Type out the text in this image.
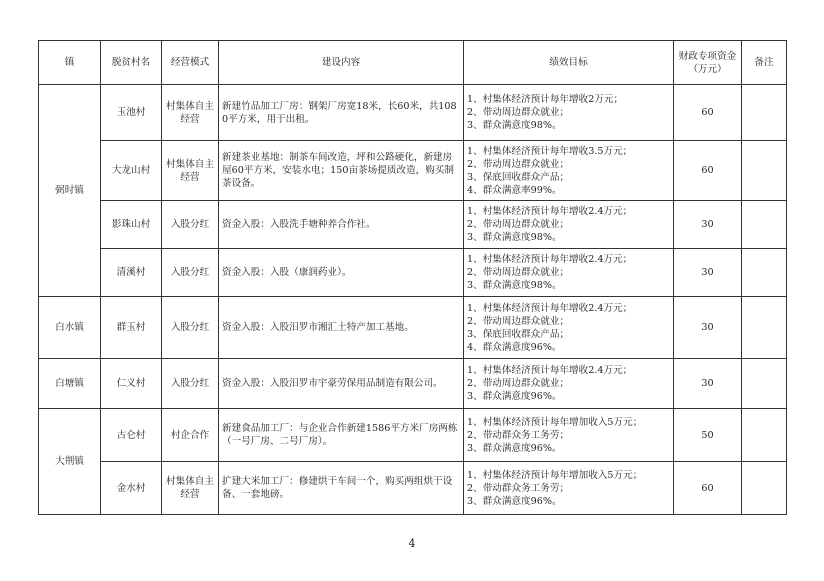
镇	脱贫村名	经营模式	建设内容	绩效目标	财政专项资金（万元）	备注
弼时镇	玉池村	村集体自主经营	新建竹品加工厂房：钢架厂房宽18米，长60米，共1080平方米，用于出租。	1、村集体经济预计每年增收2万元；
2、带动周边群众就业；
3、群众满意度98%。	60	
	大龙山村	村集体自主经营	新建茶业基地：制茶车间改造，坪和公路硬化，新建房屋60平方米，安装水电；150亩茶场提质改造，购买制茶设备。	1、村集体经济预计每年增收3.5万元；
2、带动周边群众就业；
3、保底回收群众产品；
4、群众满意率99%。	60	
	影珠山村	入股分红	资金入股：入股洗手塘种养合作社。	1、村集体经济预计每年增收2.4万元；
2、带动周边群众就业；
3、群众满意度98%。	30	
	清溪村	入股分红	资金入股：入股（康润药业）。	1、村集体经济预计每年增收2.4万元；
2、带动周边群众就业；
3、群众满意度98%。	30	
白水镇	群玉村	入股分红	资金入股：入股汨罗市湘汇土特产加工基地。	1、村集体经济预计每年增收2.4万元；
2、带动周边群众就业；
3、保底回收群众产品；
4、群众满意度96%。	30	
白塘镇	仁义村	入股分红	资金入股：入股汨罗市宇豪劳保用品制造有限公司。	1、村集体经济预计每年增收2.4万元；
2、带动周边群众就业；
3、群众满意度96%。	30	
大荆镇	古仑村	村企合作	新建食品加工厂：与企业合作新建1586平方米厂房两栋（一号厂房、二号厂房）。	1、村集体经济预计每年增加收入5万元；
2、带动群众务工务劳；
3、群众满意度96%。	50	
	金水村	村集体自主经营	扩建大米加工厂：修建烘干车间一个，购买两组烘干设备、一套地磅。	1、村集体经济预计每年增加收入5万元；
2、带动群众务工务劳；
3、群众满意度96%。	60	
4
